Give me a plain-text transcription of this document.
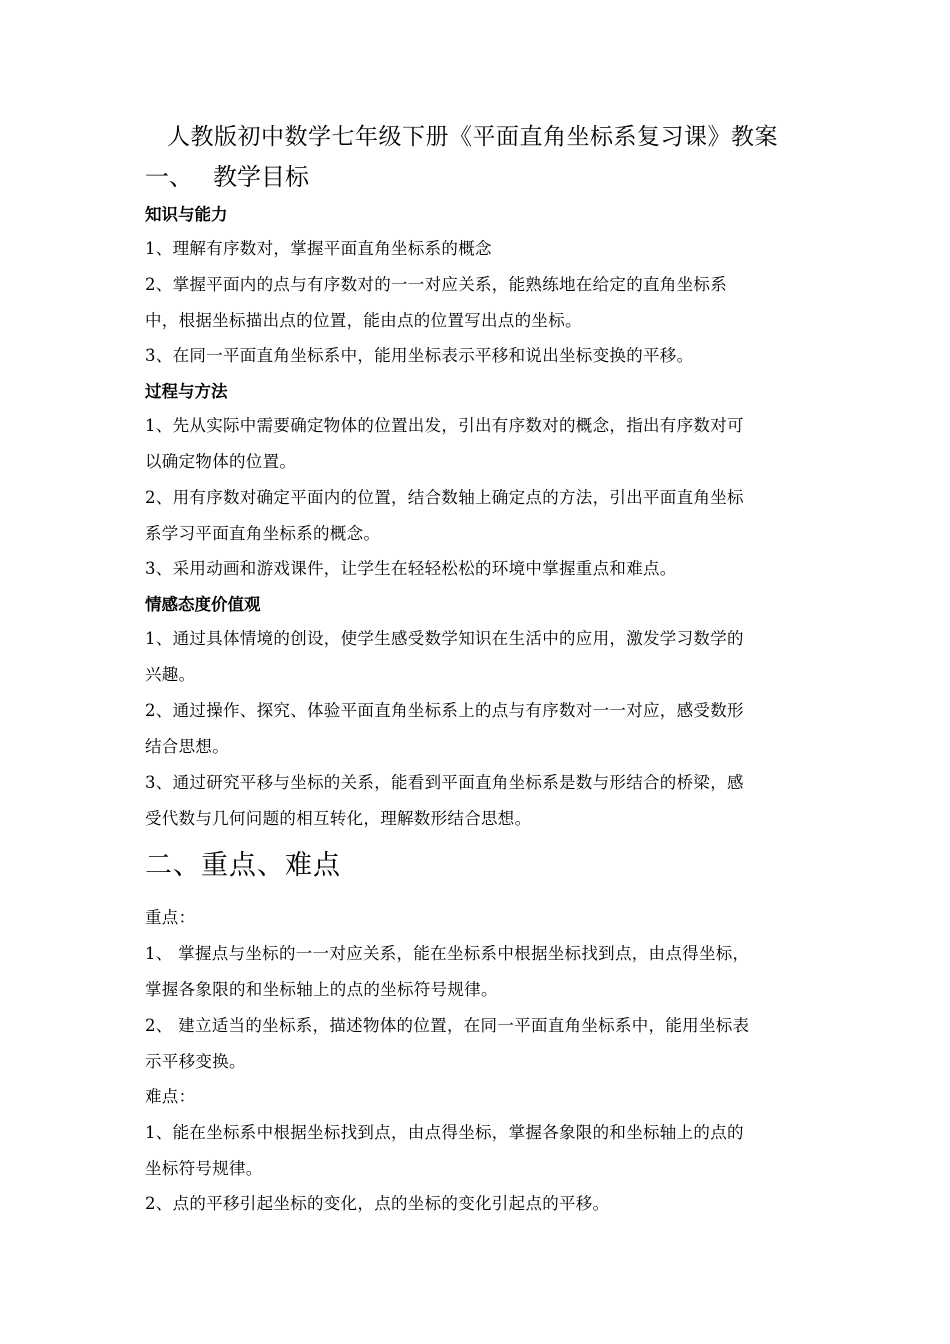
人教版初中数学七年级下册《平面直角坐标系复习课》教案
一、 教学目标
知识与能力
1、理解有序数对，掌握平面直角坐标系的概念
2、掌握平面内的点与有序数对的一一对应关系，能熟练地在给定的直角坐标系
中，根据坐标描出点的位置，能由点的位置写出点的坐标。
3、在同一平面直角坐标系中，能用坐标表示平移和说出坐标变换的平移。
过程与方法
1、先从实际中需要确定物体的位置出发，引出有序数对的概念，指出有序数对可
以确定物体的位置。
2、用有序数对确定平面内的位置，结合数轴上确定点的方法，引出平面直角坐标
系学习平面直角坐标系的概念。
3、采用动画和游戏课件，让学生在轻轻松松的环境中掌握重点和难点。
情感态度价值观
1、通过具体情境的创设，使学生感受数学知识在生活中的应用，激发学习数学的
兴趣。
2、通过操作、探究、体验平面直角坐标系上的点与有序数对一一对应，感受数形
结合思想。
3、通过研究平移与坐标的关系，能看到平面直角坐标系是数与形结合的桥梁，感
受代数与几何问题的相互转化，理解数形结合思想。
二、重点、难点
重点：
1、 掌握点与坐标的一一对应关系，能在坐标系中根据坐标找到点，由点得坐标，
掌握各象限的和坐标轴上的点的坐标符号规律。
2、 建立适当的坐标系，描述物体的位置，在同一平面直角坐标系中，能用坐标表
示平移变换。
难点：
1、能在坐标系中根据坐标找到点，由点得坐标，掌握各象限的和坐标轴上的点的
坐标符号规律。
2、点的平移引起坐标的变化，点的坐标的变化引起点的平移。
